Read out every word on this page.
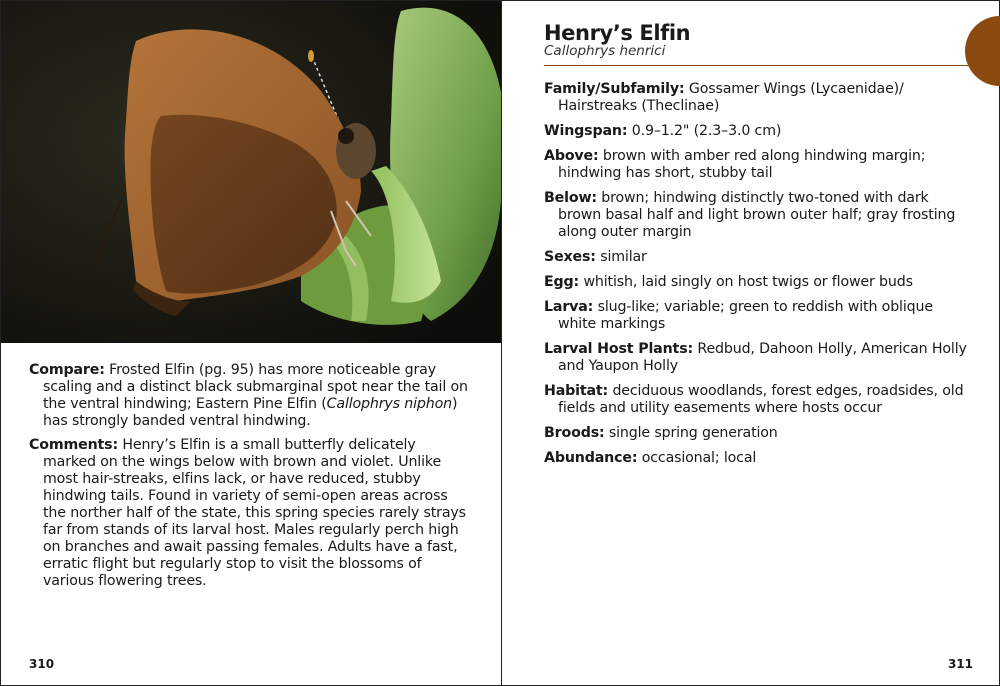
Compare: Frosted Elfin (pg. 95) has more noticeable gray scaling and a distinct black submarginal spot near the tail on the ventral hindwing; Eastern Pine Elfin (Callophrys niphon) has strongly banded ventral hindwing.
Comments: Henry’s Elfin is a small butterfly delicately marked on the wings below with brown and violet. Unlike most hair-streaks, elfins lack, or have reduced, stubby hindwing tails. Found in variety of semi-open areas across the norther half of the state, this spring species rarely strays far from stands of its larval host. Males regularly perch high on branches and await passing females. Adults have a fast, erratic flight but regularly stop to visit the blossoms of various flowering trees.
310
Henry’s Elfin
Callophrys henrici
Family/Subfamily: Gossamer Wings (Lycaenidae)/ Hairstreaks (Theclinae)
Wingspan: 0.9–1.2" (2.3–3.0 cm)
Above: brown with amber red along hindwing margin; hindwing has short, stubby tail
Below: brown; hindwing distinctly two-toned with dark brown basal half and light brown outer half; gray frosting along outer margin
Sexes: similar
Egg: whitish, laid singly on host twigs or flower buds
Larva: slug-like; variable; green to reddish with oblique white markings
Larval Host Plants: Redbud, Dahoon Holly, American Holly and Yaupon Holly
Habitat: deciduous woodlands, forest edges, roadsides, old fields and utility easements where hosts occur
Broods: single spring generation
Abundance: occasional; local
311
